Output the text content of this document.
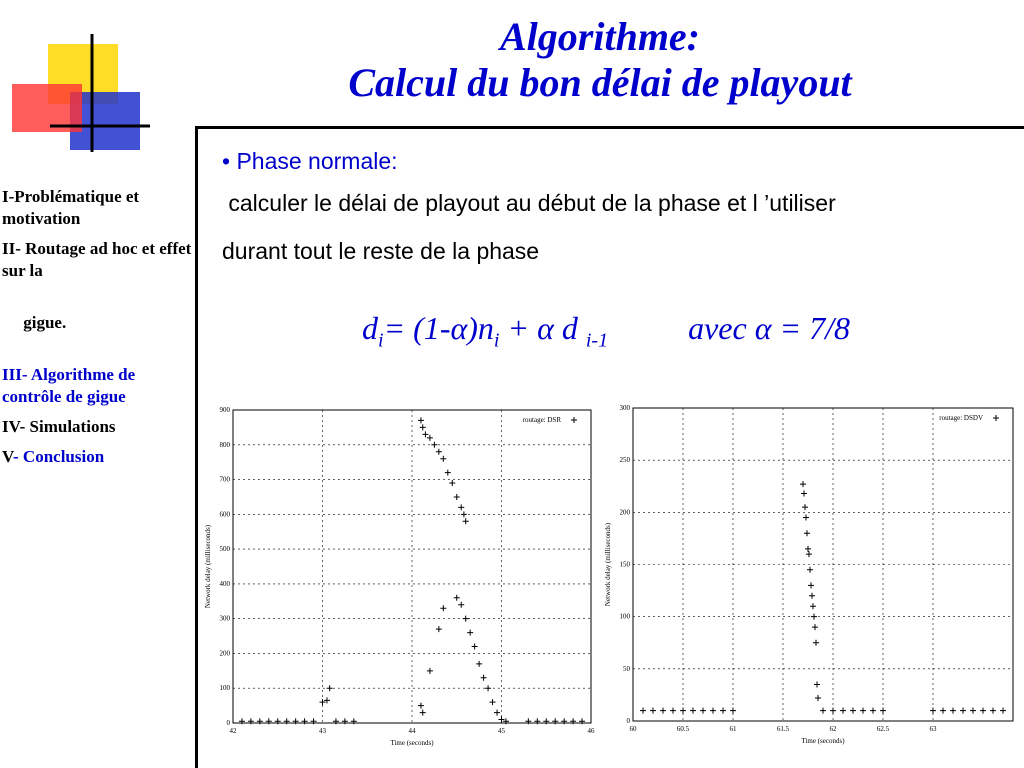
Algorithme:
Calcul du bon délai de playout
I-Problématique et motivation
II- Routage ad hoc et effet sur la

gigue.

III- Algorithme de contrôle de gigue
IV- Simulations
V- Conclusion
• Phase normale:
calculer le délai de playout au début de la phase et l ’utiliser
durant tout le reste de la phase
$d_i= (1-\alpha)n_i + \alpha$ d $_{i-1}$	avec α = 7/8
42	43	44	45	46
0
100
200
300
400
500
600
700
800
900
Time (seconds)
Network delay (milliseconds)
routage: DSR
60	60.5	61	61.5	62	62.5	63
0
50
100
150
200
250
300
Time (seconds)
Network delay (milliseconds)
routage: DSDV
